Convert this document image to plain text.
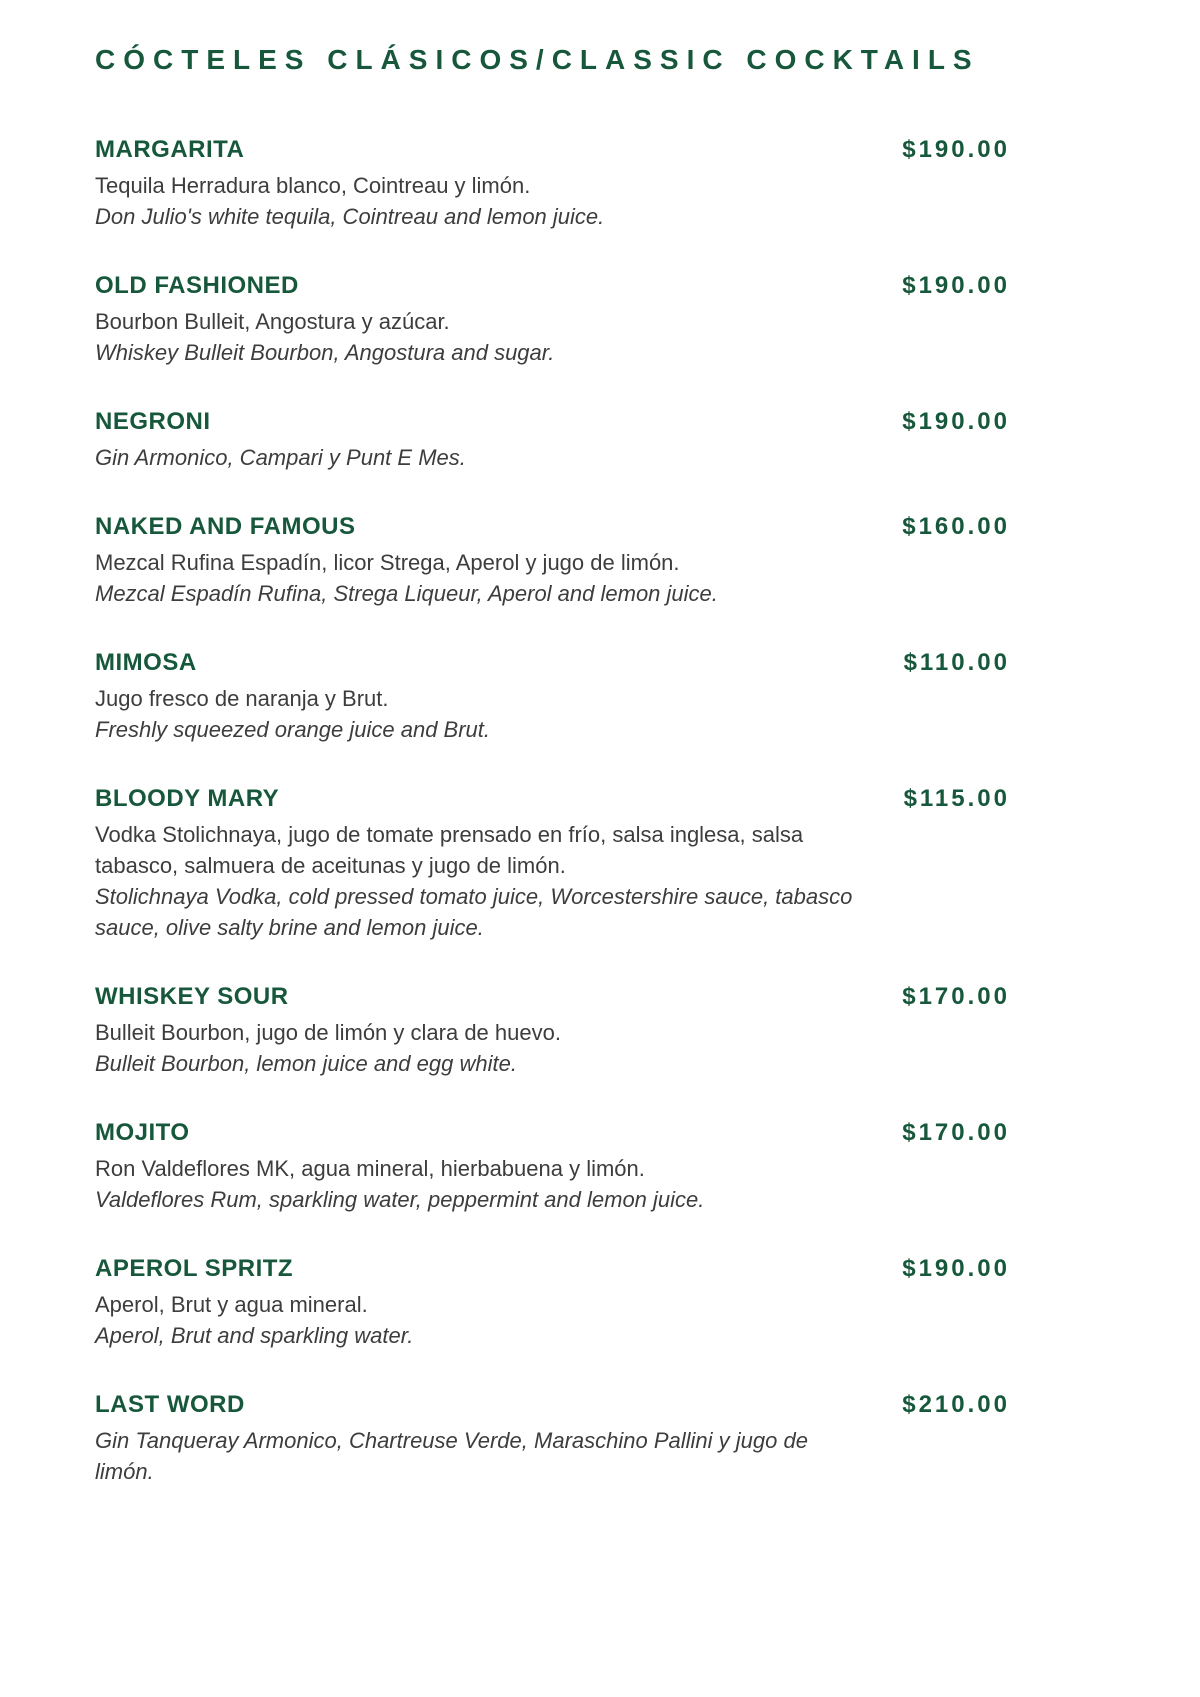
CÓCTELES CLÁSICOS/CLASSIC COCKTAILS
MARGARITA	$190.00
Tequila Herradura blanco, Cointreau y limón.
Don Julio's white tequila, Cointreau and lemon juice.
OLD FASHIONED	$190.00
Bourbon Bulleit, Angostura y azúcar.
Whiskey Bulleit Bourbon, Angostura and sugar.
NEGRONI	$190.00
Gin Armonico, Campari y Punt E Mes.
NAKED AND FAMOUS	$160.00
Mezcal Rufina Espadín, licor Strega, Aperol y jugo de limón.
Mezcal Espadín Rufina, Strega Liqueur, Aperol and lemon juice.
MIMOSA	$110.00
Jugo fresco de naranja y Brut.
Freshly squeezed orange juice and Brut.
BLOODY MARY	$115.00
Vodka Stolichnaya, jugo de tomate prensado en frío, salsa inglesa, salsa tabasco, salmuera de aceitunas y jugo de limón.
Stolichnaya Vodka, cold pressed tomato juice, Worcestershire sauce, tabasco sauce, olive salty brine and lemon juice.
WHISKEY SOUR	$170.00
Bulleit Bourbon, jugo de limón y clara de huevo.
Bulleit Bourbon, lemon juice and egg white.
MOJITO	$170.00
Ron Valdeflores MK, agua mineral, hierbabuena y limón.
Valdeflores Rum, sparkling water, peppermint and lemon juice.
APEROL SPRITZ	$190.00
Aperol, Brut y agua mineral.
Aperol, Brut and sparkling water.
LAST WORD	$210.00
Gin Tanqueray Armonico, Chartreuse Verde, Maraschino Pallini y jugo de limón.
